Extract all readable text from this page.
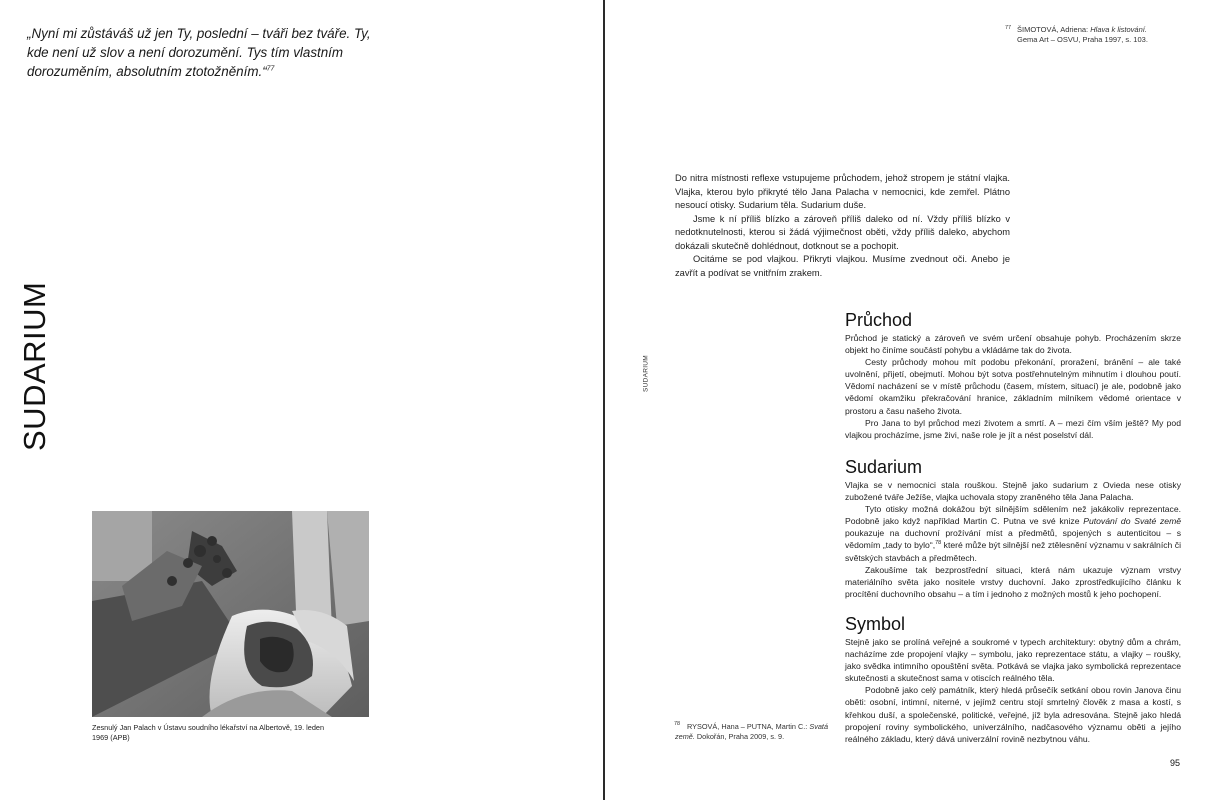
„Nyní mi zůstáváš už jen Ty, poslední – tváři bez tváře. Ty, kde není už slov a není dorozumění. Tys tím vlastním dorozuměním, absolutním ztotožněním.“$^{77}$
SUDARIUM
Zesnulý Jan Palach v Ústavu soudního lékařství na Albertově, 19. leden 1969 (APB)
77 ŠIMOTOVÁ, Adriena: Hlava k listování.
Gema Art – OSVU, Praha 1997, s. 103.
SUDARIUM

Do nitra místnosti reflexe vstupujeme průchodem, jehož stropem je státní vlajka. Vlajka, kterou bylo přikryté tělo Jana Palacha v nemocnici, kde zemřel. Plátno nesoucí otisky. Sudarium těla. Sudarium duše.

Jsme k ní příliš blízko a zároveň příliš daleko od ní. Vždy příliš blízko v nedotknutelnosti, kterou si žádá výjimečnost oběti, vždy příliš daleko, abychom dokázali skutečně dohlédnout, dotknout se a pochopit.

Ocitáme se pod vlajkou. Přikryti vlajkou. Musíme zvednout oči. Anebo je zavřít a podívat se vnitřním zrakem.

Průchod

Průchod je statický a zároveň ve svém určení obsahuje pohyb. Procházením skrze objekt ho činíme součástí pohybu a vkládáme tak do života.

Cesty průchody mohou mít podobu překonání, proražení, bránění – ale také uvolnění, přijetí, obejmutí. Mohou být sotva postřehnutelným mihnutím i dlouhou poutí. Vědomí nacházení se v místě průchodu (časem, místem, situací) je ale, podobně jako vědomí okamžiku překračování hranice, základním milníkem vědomé orientace v prostoru a času našeho života.

Pro Jana to byl průchod mezi životem a smrtí. A – mezi čím vším ještě? My pod vlajkou procházíme, jsme živi, naše role je jít a nést poselství dál.

Sudarium

Vlajka se v nemocnici stala rouškou. Stejně jako sudarium z Ovieda nese otisky zubožené tváře Ježíše, vlajka uchovala stopy zraněného těla Jana Palacha.

Tyto otisky možná dokážou být silnějším sdělením než jakákoliv reprezentace. Podobně jako když například Martin C. Putna ve své knize Putování do Svaté země poukazuje na duchovní prožívání míst a předmětů, spojených s autenticitou – s vědomím „tady to bylo“,$^{78}$ které může být silnější než ztělesnění významu v sakrálních či světských stavbách a předmětech.

Zakoušíme tak bezprostřední situaci, která nám ukazuje význam vrstvy materiálního světa jako nositele vrstvy duchovní. Jako zprostředkujícího článku k procítění duchovního obsahu – a tím i jednoho z možných mostů k jeho pochopení.

Symbol

Stejně jako se prolíná veřejné a soukromé v typech architektury: obytný dům a chrám, nacházíme zde propojení vlajky – symbolu, jako reprezentace státu, a vlajky – roušky, jako svědka intimního opouštění světa. Potkává se vlajka jako symbolická reprezentace skutečnosti a skutečnost sama v otiscích reálného těla.

Podobně jako celý památník, který hledá průsečík setkání obou rovin Janova činu oběti: osobní, intimní, niterné, v jejímž centru stojí smrtelný člověk z masa a kostí, s křehkou duší, a společenské, politické, veřejné, jíž byla adresována. Stejně jako hledá propojení roviny symbolického, univerzálního, nadčasového významu oběti a jejího reálného základu, který dává univerzální rovině nezbytnou váhu.

78 RYSOVÁ, Hana – PUTNA, Martin C.: Svatá země. Dokořán, Praha 2009, s. 9.
95
